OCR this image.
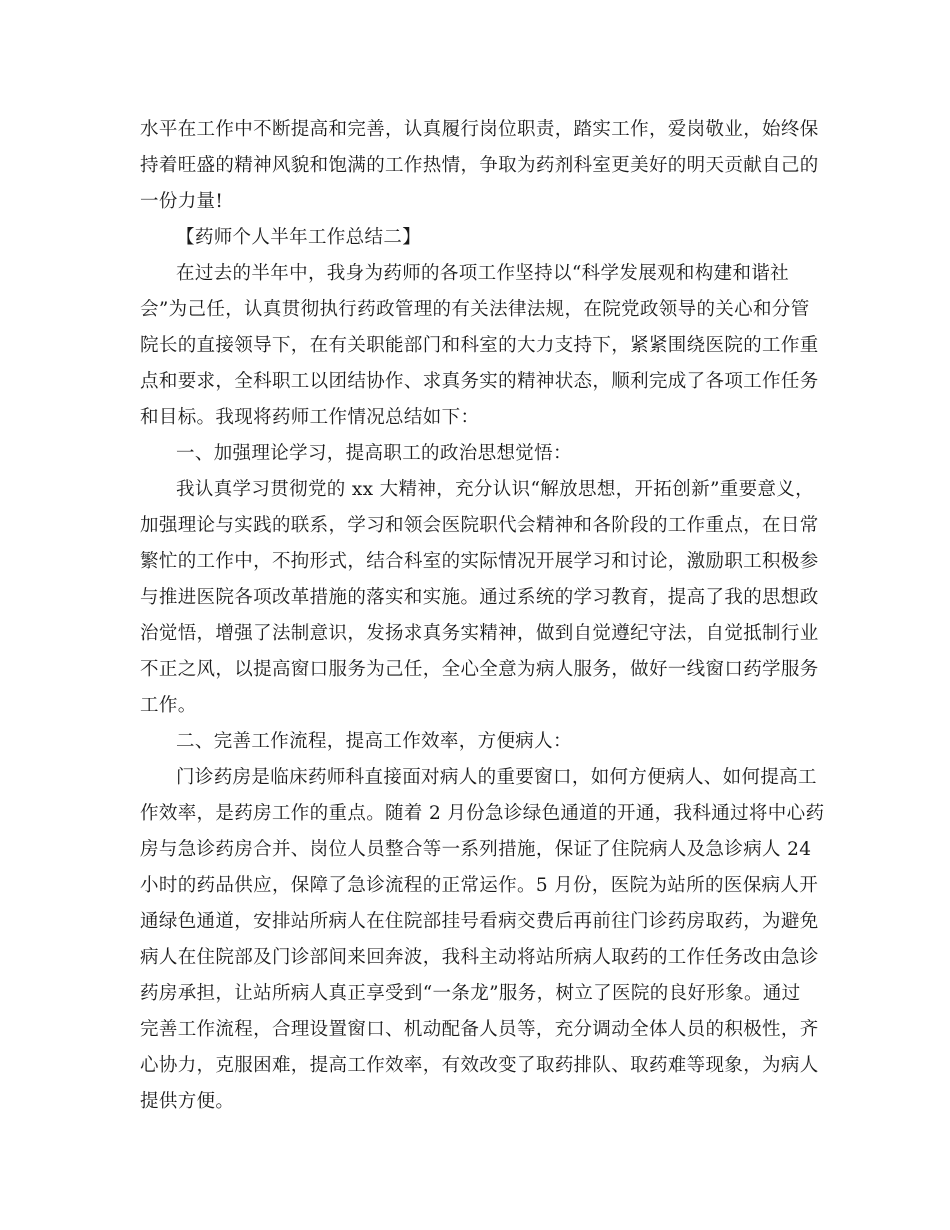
水平在工作中不断提高和完善，认真履行岗位职责，踏实工作，爱岗敬业，始终保
持着旺盛的精神风貌和饱满的工作热情，争取为药剂科室更美好的明天贡献自己的
一份力量!
【药师个人半年工作总结二】
在过去的半年中，我身为药师的各项工作坚持以“科学发展观和构建和谐社
会”为己任，认真贯彻执行药政管理的有关法律法规，在院党政领导的关心和分管
院长的直接领导下，在有关职能部门和科室的大力支持下，紧紧围绕医院的工作重
点和要求，全科职工以团结协作、求真务实的精神状态，顺利完成了各项工作任务
和目标。我现将药师工作情况总结如下：
一、加强理论学习，提高职工的政治思想觉悟：
我认真学习贯彻党的 xx 大精神，充分认识“解放思想，开拓创新”重要意义，
加强理论与实践的联系，学习和领会医院职代会精神和各阶段的工作重点，在日常
繁忙的工作中，不拘形式，结合科室的实际情况开展学习和讨论，激励职工积极参
与推进医院各项改革措施的落实和实施。通过系统的学习教育，提高了我的思想政
治觉悟，增强了法制意识，发扬求真务实精神，做到自觉遵纪守法，自觉抵制行业
不正之风，以提高窗口服务为己任，全心全意为病人服务，做好一线窗口药学服务
工作。
二、完善工作流程，提高工作效率，方便病人：
门诊药房是临床药师科直接面对病人的重要窗口，如何方便病人、如何提高工
作效率，是药房工作的重点。随着 2 月份急诊绿色通道的开通，我科通过将中心药
房与急诊药房合并、岗位人员整合等一系列措施，保证了住院病人及急诊病人 24
小时的药品供应，保障了急诊流程的正常运作。5 月份，医院为站所的医保病人开
通绿色通道，安排站所病人在住院部挂号看病交费后再前往门诊药房取药，为避免
病人在住院部及门诊部间来回奔波，我科主动将站所病人取药的工作任务改由急诊
药房承担，让站所病人真正享受到“一条龙”服务，树立了医院的良好形象。通过
完善工作流程，合理设置窗口、机动配备人员等，充分调动全体人员的积极性，齐
心协力，克服困难，提高工作效率，有效改变了取药排队、取药难等现象，为病人
提供方便。
